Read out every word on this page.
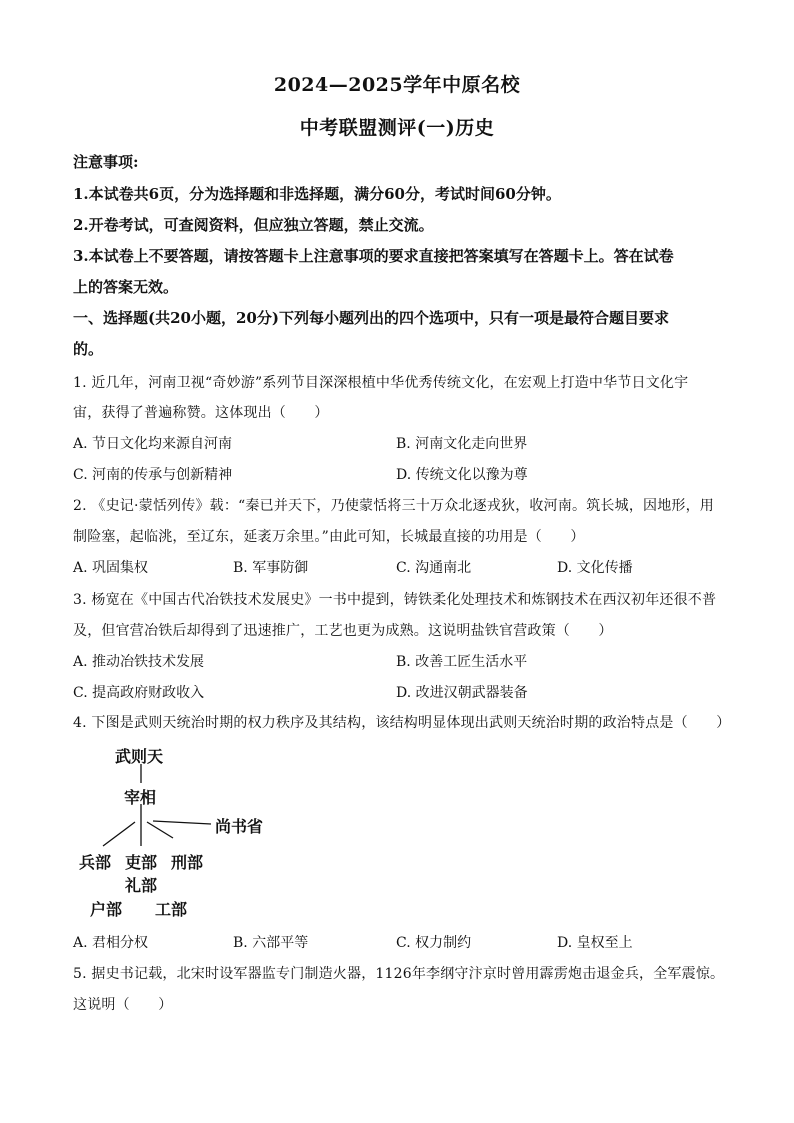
2024—2025学年中原名校
中考联盟测评(一)历史
注意事项:
1.本试卷共6页，分为选择题和非选择题，满分60分，考试时间60分钟。
2.开卷考试，可查阅资料，但应独立答题，禁止交流。
3.本试卷上不要答题，请按答题卡上注意事项的要求直接把答案填写在答题卡上。答在试卷
上的答案无效。
一、选择题(共20小题，20分)下列每小题列出的四个选项中，只有一项是最符合题目要求
的。
1. 近几年，河南卫视“奇妙游”系列节目深深根植中华优秀传统文化，在宏观上打造中华节日文化宇
宙，获得了普遍称赞。这体现出（　　）
A. 节日文化均来源自河南	B. 河南文化走向世界
C. 河南的传承与创新精神	D. 传统文化以豫为尊
2. 《史记·蒙恬列传》载：“秦已并天下，乃使蒙恬将三十万众北逐戎狄，收河南。筑长城，因地形，用
制险塞，起临洮，至辽东，延袤万余里。”由此可知，长城最直接的功用是（　　）
A. 巩固集权	B. 军事防御	C. 沟通南北	D. 文化传播
3. 杨宽在《中国古代冶铁技术发展史》一书中提到，铸铁柔化处理技术和炼钢技术在西汉初年还很不普
及，但官营冶铁后却得到了迅速推广，工艺也更为成熟。这说明盐铁官营政策（　　）
A. 推动冶铁技术发展	B. 改善工匠生活水平
C. 提高政府财政收入	D. 改进汉朝武器装备
4. 下图是武则天统治时期的权力秩序及其结构，该结构明显体现出武则天统治时期的政治特点是（　　）
武则天
宰相
尚书省
兵部 吏部 刑部
礼部
户部 工部
A. 君相分权	B. 六部平等	C. 权力制约	D. 皇权至上
5. 据史书记载，北宋时设军器监专门制造火器，1126年李纲守汴京时曾用霹雳炮击退金兵，全军震惊。
这说明（　　）
